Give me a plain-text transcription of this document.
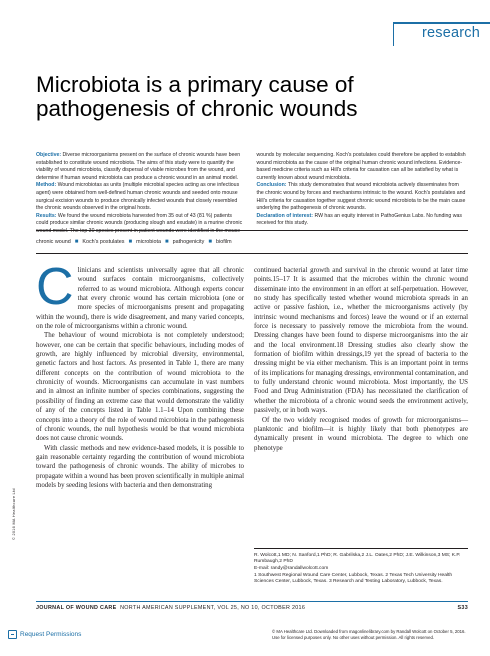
research
Microbiota is a primary cause of pathogenesis of chronic wounds

Objective: Diverse microorganisms present on the surface of chronic wounds have been established to constitute wound microbiota. The aims of this study were to quantify the viability of wound microbiota, classify dispersal of viable microbes from the wound, and determine if human wound microbiota can produce a chronic wound in an animal model.

Method: Wound microbiotas as units (multiple microbial species acting as one infectious agent) were obtained from well-defined human chronic wounds and seeded onto mouse surgical excision wounds to produce chronically infected wounds that closely resembled the chronic wounds observed in the original hosts.

Results: We found the wound microbiota harvested from 35 out of 43 (81 %) patients could produce similar chronic wounds (producing slough and exudate) in a murine chronic wound model. The top 30 species present in patient wounds were identified in the mouse wounds by molecular sequencing. Koch's postulates could therefore be applied to establish wound microbiota as the cause of the original human chronic wound infections. Evidence-based medicine criteria such as Hill's criteria for causation can all be satisfied by what is currently known about wound microbiota.

Conclusion: This study demonstrates that wound microbiota actively disseminates from the chronic wound by forces and mechanisms intrinsic to the wound. Koch's postulates and Hill's criteria for causation together suggest chronic wound microbiota to be the main cause underlying the pathogenesis of chronic wounds.

Declaration of interest: RW has an equity interest in PathoGenius Labs. No funding was received for this study.

chronic wound ■ Koch's postulates ■ microbiota ■ pathogenicity ■ biofilm

Clinicians and scientists universally agree that all chronic wound surfaces contain microorganisms, collectively referred to as wound microbiota. Although experts concur that every chronic wound has certain microbiota (one or more species of microorganisms present and propagating within the wound), there is wide disagreement, and many varied concepts, on the role of microorganisms within a chronic wound.

The behaviour of wound microbiota is not completely understood; however, one can be certain that specific behaviours, including modes of growth, are highly influenced by microbial diversity, environmental, genetic factors and host factors. As presented in Table 1, there are many different concepts on the contribution of wound microbiota to the chronicity of wounds. Microorganisms can accumulate in vast numbers and in almost an infinite number of species combinations, suggesting the possibility of finding an extreme case that would demonstrate the validity of any of the concepts listed in Table 1.1–14 Upon combining these concepts into a theory of the role of wound microbiota in the pathogenesis of chronic wounds, the null hypothesis would be that wound microbiota does not cause chronic wounds.

With classic methods and new evidence-based models, it is possible to gain reasonable certainty regarding the contribution of wound microbiota toward the pathogenesis of chronic wounds. The ability of microbes to propagate within a wound has been proven scientifically in multiple animal models by seeding lesions with bacteria and then demonstrating

continued bacterial growth and survival in the chronic wound at later time points.15–17 It is assumed that the microbes within the chronic wound disseminate into the environment in an effort at self-perpetuation. However, no study has specifically tested whether wound microbiota spreads in an active or passive fashion, i.e., whether the microorganisms actively (by intrinsic wound mechanisms and forces) leave the wound or if an external force is necessary to passively remove the microbiota from the wound. Dressing changes have been found to disperse microorganisms into the air and the local environment.18 Dressing studies also clearly show the formation of biofilm within dressings,19 yet the spread of bacteria to the dressing might be via either mechanism. This is an important point in terms of its implications for managing dressings, environmental contamination, and to fully understand chronic wound microbiota. Most importantly, the US Food and Drug Administration (FDA) has necessitated the clarification of whether the microbiota of a chronic wound seeds the environment actively, passively, or in both ways.

Of the two widely recognised modes of growth for microorganisms—planktonic and biofilm—it is highly likely that both phenotypes are dynamically present in wound microbiota. The degree to which one phenotype

R. Wolcott,1 MD; N. Sanford,1 PhD; R. Gabrilska,2 J.L. Oates,2 PhD; J.E. Wilkinson,3 MS; K.P. Rumbaugh,2 PhD

E-mail: randy@randallwolcott.com

1 Southwest Regional Wound Care Center, Lubbock, Texas. 2 Texas Tech University Health Sciences Center, Lubbock, Texas. 3 Research and Testing Laboratory, Lubbock, Texas.

© 2016 MA Healthcare Ltd
JOURNAL OF WOUND CARE NORTH AMERICAN SUPPLEMENT, VOL 25, NO 10, OCTOBER 2016	S33
Request Permissions	© MA Healthcare Ltd. Downloaded from magonlinelibrary.com by Randall Wolcott on October 5, 2016.
Use for licensed purposes only. No other uses without permission. All rights reserved.
